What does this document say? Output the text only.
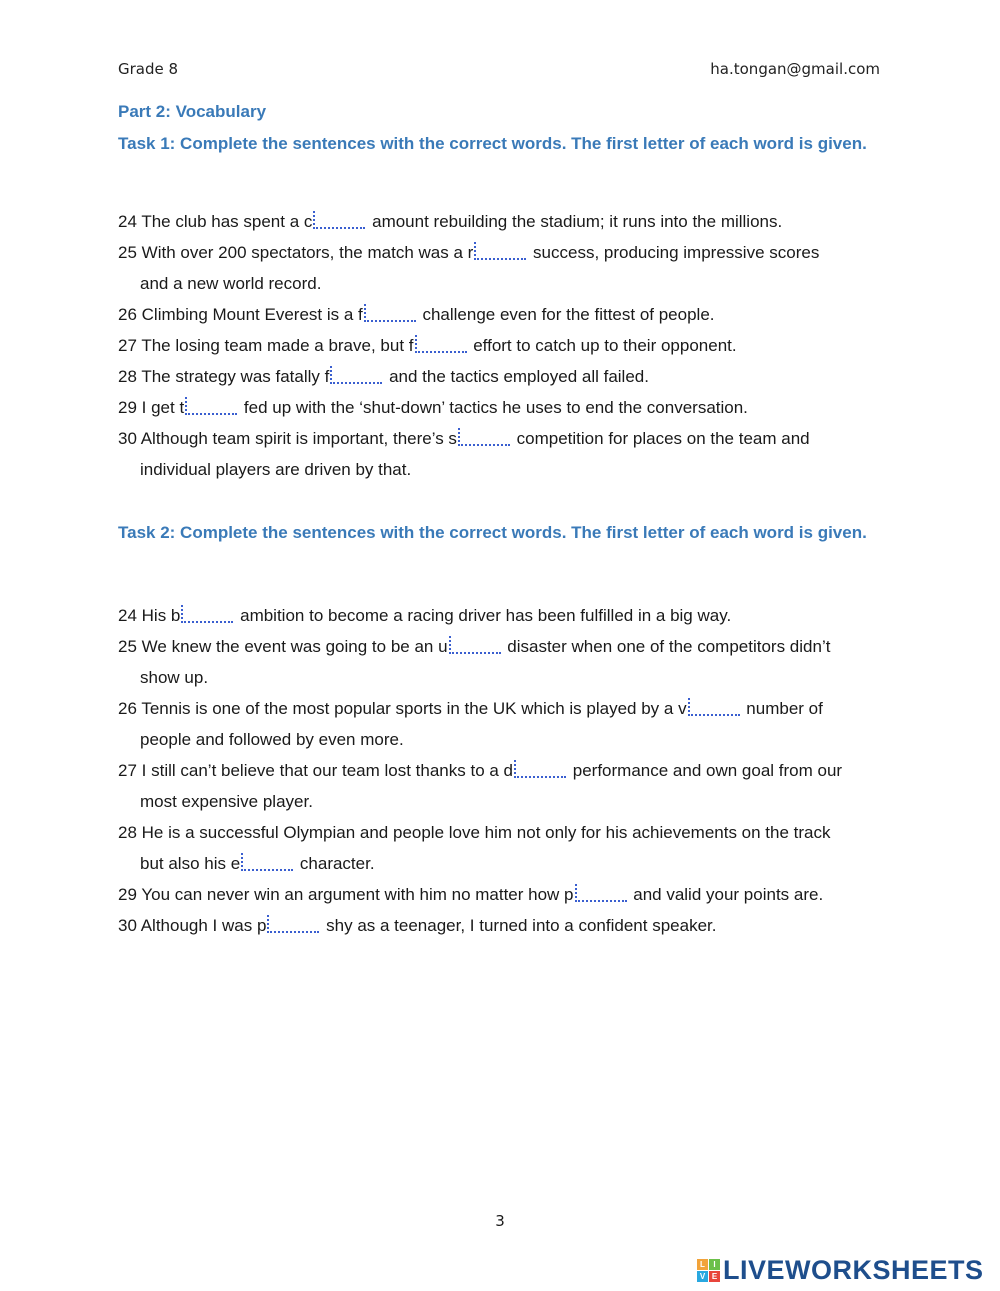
Grade 8	ha.tongan@gmail.com
Part 2: Vocabulary
Task 1: Complete the sentences with the correct words. The first letter of each word is given.
24 The club has spent a c	amount rebuilding the stadium; it runs into the millions.
25 With over 200 spectators, the match was a r	success, producing impressive scores
and a new world record.
26 Climbing Mount Everest is a f	challenge even for the fittest of people.
27 The losing team made a brave, but f	effort to catch up to their opponent.
28 The strategy was fatally f	and the tactics employed all failed.
29 I get t	fed up with the ‘shut-down’ tactics he uses to end the conversation.
30 Although team spirit is important, there’s s	competition for places on the team and
individual players are driven by that.
Task 2: Complete the sentences with the correct words. The first letter of each word is given.
24 His b	ambition to become a racing driver has been fulfilled in a big way.
25 We knew the event was going to be an u	disaster when one of the competitors didn’t
show up.
26 Tennis is one of the most popular sports in the UK which is played by a v	number of
people and followed by even more.
27 I still can’t believe that our team lost thanks to a d	performance and own goal from our
most expensive player.
28 He is a successful Olympian and people love him not only for his achievements on the track
but also his e	character.
29 You can never win an argument with him no matter how p	and valid your points are.
30 Although I was p	shy as a teenager, I turned into a confident speaker.
3
L	I
V E LIVEWORKSHEETS
